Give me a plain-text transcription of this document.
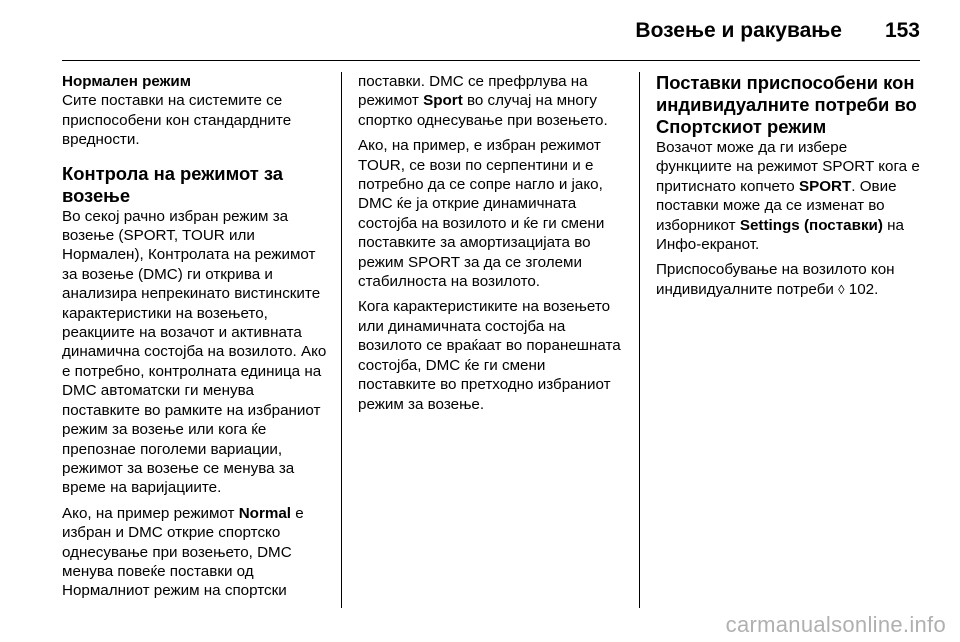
Возење и ракување 153
Нормален режим

Сите поставки на системите се приспособени кон стандардните вредности.

Контрола на режимот за возење

Во секој рачно избран режим за возење (SPORT, TOUR или Нормален), Контролата на режимот за возење (DMC) ги открива и анализира непрекинато вистинските карактеристики на возењето, реакциите на возачот и активната динамична состојба на возилото. Ако е потребно, контролната единица на DMC автоматски ги менува поставките во рамките на избраниот режим за возење или кога ќе препознае поголеми вариации, режимот за возење се менува за време на варијациите.

Ако, на пример режимот Normal е избран и DMC открие спортско однесување при возењето, DMC менува повеќе поставки од Нормалниот режим на спортски

поставки. DMC се префрлува на режимот Sport во случај на многу спортко однесување при возењето.

Ако, на пример, е избран режимот TOUR, се вози по серпентини и е потребно да се сопре нагло и јако, DMC ќе ја открие динамичната состојба на возилото и ќе ги смени поставките за амортизацијата во режим SPORT за да се зголеми стабилноста на возилото.

Кога карактеристиките на возењето или динамичната состојба на возилото се враќаат во поранешната состојба, DMC ќе ги смени поставките во претходно избраниот режим за возење.

Поставки приспособени кон индивидуалните потреби во Спортскиот режим

Возачот може да ги избере функциите на режимот SPORT кога е притиснато копчето SPORT. Овие поставки може да се изменат во изборникот Settings (поставки) на Инфо-екранот.

Приспособување на возилото кон индивидуалните потреби ◊ 102.

carmanualsonline.info
